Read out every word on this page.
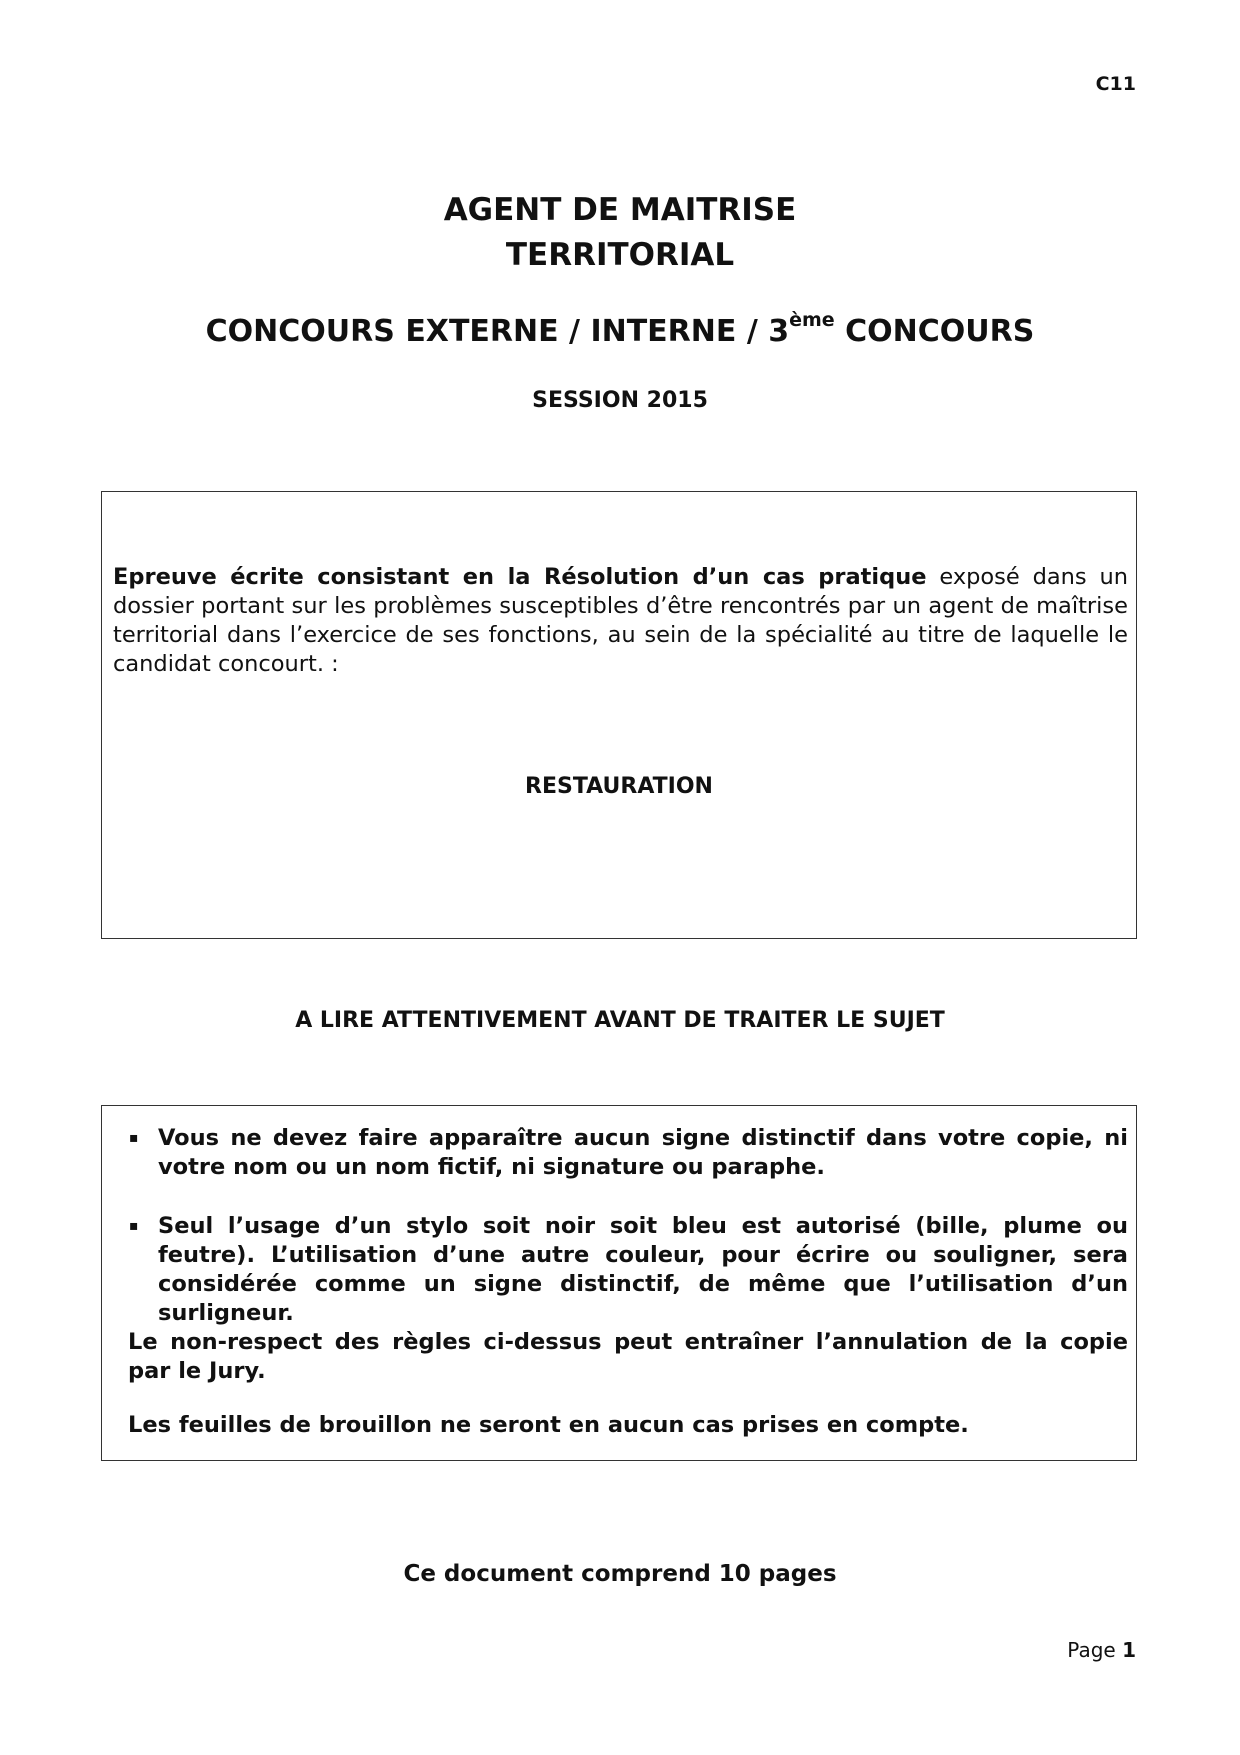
C11
AGENT DE MAITRISE
TERRITORIAL
CONCOURS EXTERNE / INTERNE / 3ème CONCOURS
SESSION 2015

Epreuve écrite consistant en la Résolution d’un cas pratique exposé dans un dossier portant sur les problèmes susceptibles d’être rencontrés par un agent de maîtrise territorial dans l’exercice de ses fonctions, au sein de la spécialité au titre de laquelle le candidat concourt. :

RESTAURATION
A LIRE ATTENTIVEMENT AVANT DE TRAITER LE SUJET
▪ Vous ne devez faire apparaître aucun signe distinctif dans votre copie, ni votre nom ou un nom fictif, ni signature ou paraphe.

▪ Seul l’usage d’un stylo soit noir soit bleu est autorisé (bille, plume ou feutre). L’utilisation d’une autre couleur, pour écrire ou souligner, sera considérée comme un signe distinctif, de même que l’utilisation d’un surligneur.

Le non-respect des règles ci-dessus peut entraîner l’annulation de la copie par le Jury.

Les feuilles de brouillon ne seront en aucun cas prises en compte.

Ce document comprend 10 pages
Page 1
